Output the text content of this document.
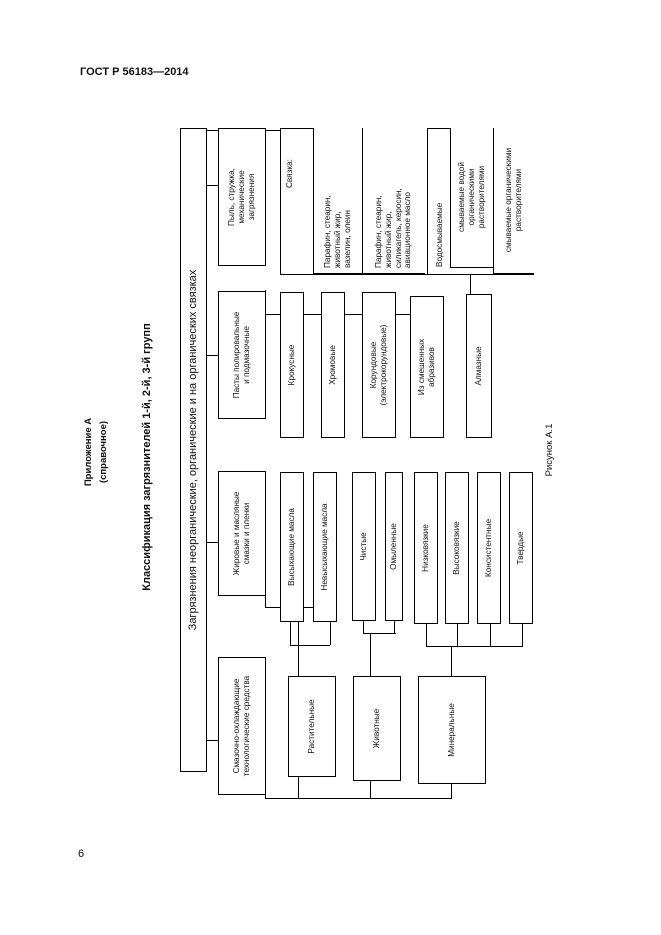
ГОСТ Р 56183—2014
6
Приложение А (справочное)	Классификация загрязнителей 1-й, 2-й, 3-й групп	Рисунок А.1
Загрязнения неорганические, органические и на органических связках
Смазочно-охлаждающие
технологические средства
Жировые и масляные
смазки и пленки
Пасты полировальные
и подмазочные
Пыль, стружка,
механические
загрязнения
Растительные	Животные	Минеральные
Высыхающие масла	Невысыхающие масла	Чистые	Омыленные	Низковязкие	Высоковязкие	Консистентные	Твердые
Крокусные	Хромовые	Корундовые
(электрокорундовые)	Из смешенных
абразивов	Алмазные
Связка:
Парафин, стеарин,
животный жир,
вазелин, олеин
Парафин, стеарин,
животный жир,
силикагель, керосин,
авиационное масло	Водосмываемые	смываемые водой
органическими
растворителями
смываемые органическими
растворителями
